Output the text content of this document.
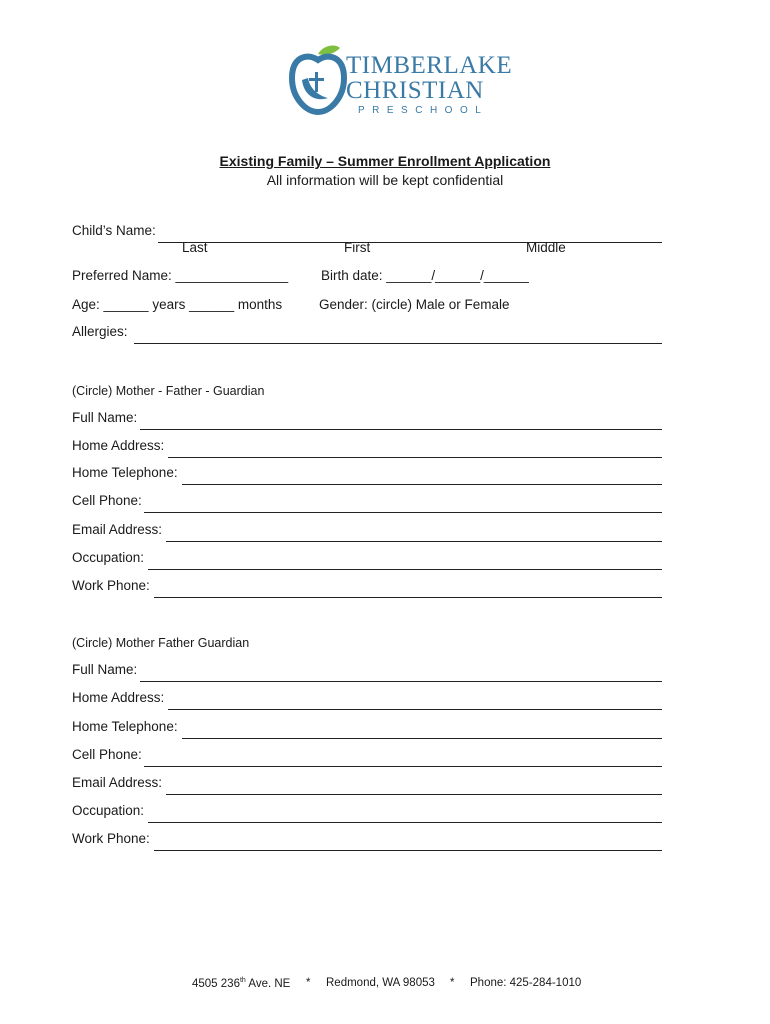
TIMBERLAKE
CHRISTIAN
PRESCHOOL
Existing Family – Summer Enrollment Application
All information will be kept confidential
Child’s Name:
Last	First	Middle
Preferred Name: _______________ Birth date: ______/______/______
Age: ______ years ______ months	Gender: (circle) Male or Female
Allergies:
(Circle) Mother - Father - Guardian
Full Name:
Home Address:
Home Telephone:
Cell Phone:
Email Address:
Occupation:
Work Phone:
(Circle) Mother Father Guardian
Full Name:
Home Address:
Home Telephone:
Cell Phone:
Email Address:
Occupation:
Work Phone:
4505 236th Ave. NE * Redmond, WA 98053 * Phone: 425-284-1010
